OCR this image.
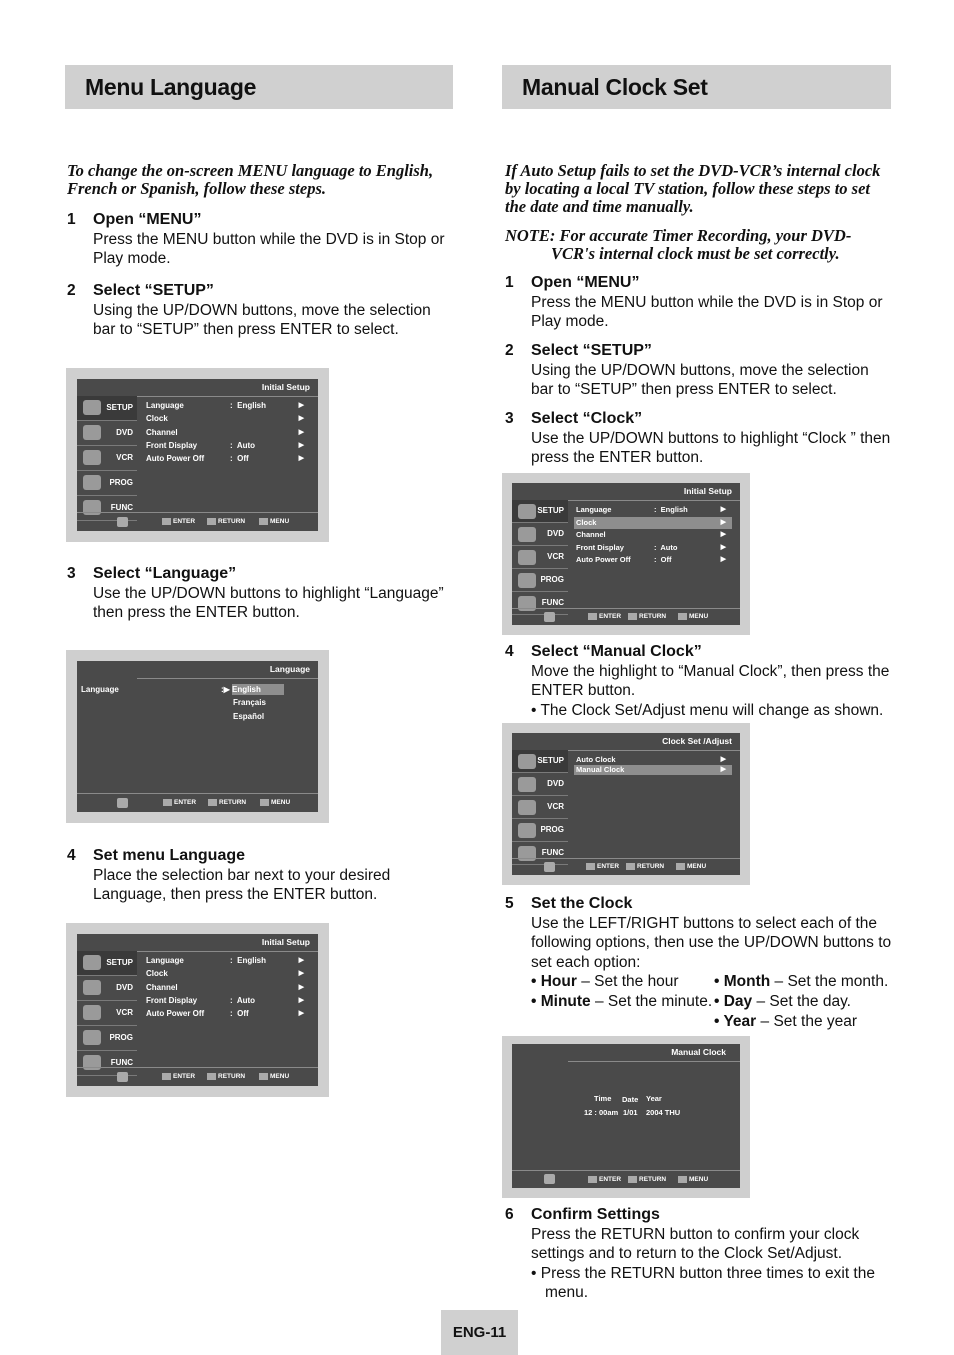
Menu Language	Manual Clock Set
To change the on-screen MENU language to English, French or Spanish, follow these steps.
1	Open “MENU”
Press the MENU button while the DVD is in Stop or Play mode.
2	Select “SETUP”
Using the UP/DOWN buttons, move the selection bar to “SETUP” then press ENTER to select.
Initial Setup
SETUP
DVD
VCR
PROG
FUNC
Language	: English	▶
Clock	▶
Channel	▶
Front Display	: Auto	▶
Auto Power Off	: Off	▶
ENTER	RETURN	MENU
3	Select “Language”
Use the UP/DOWN buttons to highlight “Language” then press the ENTER button.
Language
Language	:▶ English
Français
Español
ENTER	RETURN	MENU
4	Set menu Language
Place the selection bar next to your desired Language, then press the ENTER button.
Initial Setup
SETUP
DVD
VCR
PROG
FUNC
Language	: English	▶
Clock	▶
Channel	▶
Front Display	: Auto	▶
Auto Power Off	: Off	▶
ENTER	RETURN	MENU
If Auto Setup fails to set the DVD-VCR’s internal clock by locating a local TV station, follow these steps to set the date and time manually.
NOTE: For accurate Timer Recording, your DVD-VCR's internal clock must be set correctly.
1	Open “MENU”
Press the MENU button while the DVD is in Stop or Play mode.
2	Select “SETUP”
Using the UP/DOWN buttons, move the selection bar to “SETUP” then press ENTER to select.
3	Select “Clock”
Use the UP/DOWN buttons to highlight “Clock ” then press the ENTER button.
Initial Setup
SETUP
DVD
VCR
PROG
FUNC
Language	: English	▶
Clock	▶
Channel	▶
Front Display	: Auto	▶
Auto Power Off	: Off	▶
ENTER	RETURN	MENU
4	Select “Manual Clock”
Move the highlight to “Manual Clock”, then press the ENTER button.
• The Clock Set/Adjust menu will change as shown.
Clock Set /Adjust
SETUP
DVD
VCR
PROG
FUNC
Auto Clock	▶
Manual Clock	▶
ENTER	RETURN	MENU
5	Set the Clock
Use the LEFT/RIGHT buttons to select each of the following options, then use the UP/DOWN buttons to set each option:
• Hour – Set the hour
• Minute – Set the minute.
• Month – Set the month.
• Day – Set the day.
• Year – Set the year
Manual Clock
Time Date Year
12 : 00am 1/01 2004 THU
ENTER	RETURN	MENU
6	Confirm Settings
Press the RETURN button to confirm your clock settings and to return to the Clock Set/Adjust.
• Press the RETURN button three times to exit the menu.
ENG-11
